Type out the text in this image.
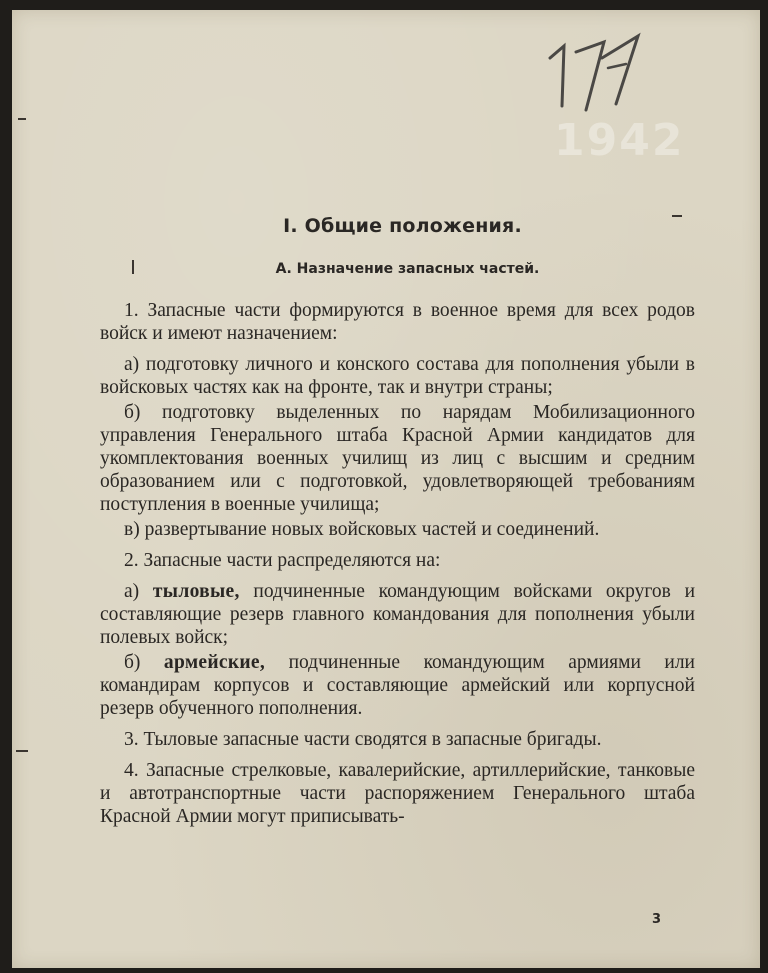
1942
I. Общие положения.
А. Назначение запасных частей.

1. Запасные части формируются в военное время для всех родов войск и имеют назначением:

а) подготовку личного и конского состава для пополнения убыли в войсковых частях как на фронте, так и внутри страны;

б) подготовку выделенных по нарядам Мобилизационного управления Генерального штаба Красной Армии кандидатов для укомплектования военных училищ из лиц с высшим и средним образованием или с подготовкой, удовлетворяющей требованиям поступления в военные училища;

в) развертывание новых войсковых частей и соединений.

2. Запасные части распределяются на:

а) тыловые, подчиненные командующим войсками округов и составляющие резерв главного командования для пополнения убыли полевых войск;

б) армейские, подчиненные командующим армиями или командирам корпусов и составляющие армейский или корпусной резерв обученного пополнения.

3. Тыловые запасные части сводятся в запасные бригады.

4. Запасные стрелковые, кавалерийские, артиллерийские, танковые и автотранспортные части распоряжением Генерального штаба Красной Армии могут приписывать-

3
